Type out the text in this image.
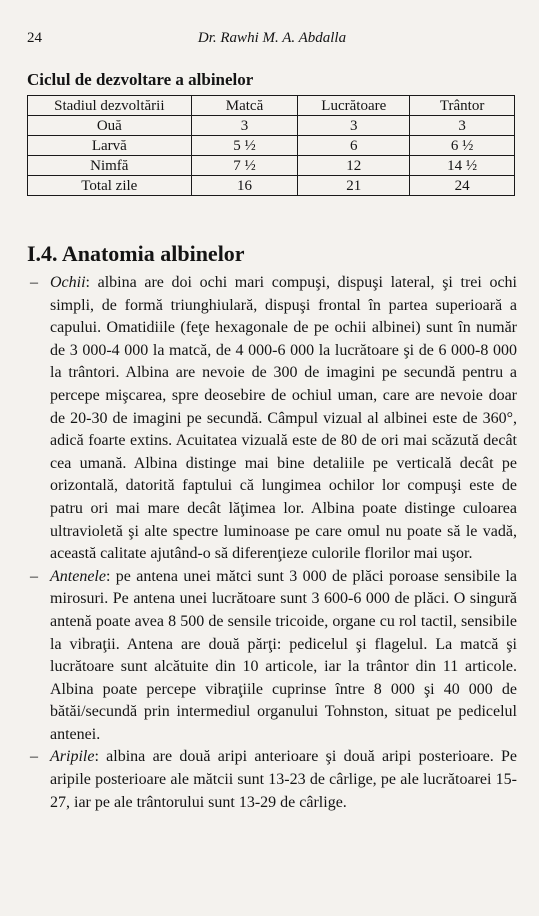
24	Dr. Rawhi M. A. Abdalla
Ciclul de dezvoltare a albinelor
Stadiul dezvoltării	Matcă	Lucrătoare	Trântor
Ouă	3	3	3
Larvă	5 ½	6	6 ½
Nimfă	7 ½	12	14 ½
Total zile	16	21	24
I.4. Anatomia albinelor

– Ochii: albina are doi ochi mari compuşi, dispuşi lateral, şi trei ochi simpli, de formă triunghiulară, dispuşi frontal în partea superioară a capului. Omatidiile (feţe hexagonale de pe ochii albinei) sunt în număr de 3 000-4 000 la matcă, de 4 000-6 000 la lucrătoare şi de 6 000-8 000 la trântori. Albina are nevoie de 300 de imagini pe secundă pentru a percepe mişcarea, spre deosebire de ochiul uman, care are nevoie doar de 20-30 de imagini pe secundă. Câmpul vizual al albinei este de 360°, adică foarte extins. Acuitatea vizuală este de 80 de ori mai scăzută decât cea umană. Albina distinge mai bine detaliile pe verticală decât pe orizontală, datorită faptului că lungimea ochilor lor compuşi este de patru ori mai mare decât lăţimea lor. Albina poate distinge culoarea ultravioletă şi alte spectre luminoase pe care omul nu poate să le vadă, această calitate ajutând-o să diferenţieze culorile florilor mai uşor.

– Antenele: pe antena unei mătci sunt 3 000 de plăci poroase sensibile la mirosuri. Pe antena unei lucrătoare sunt 3 600-6 000 de plăci. O singură antenă poate avea 8 500 de sensile tricoide, organe cu rol tactil, sensibile la vibraţii. Antena are două părţi: pedicelul şi flagelul. La matcă şi lucrătoare sunt alcătuite din 10 articole, iar la trântor din 11 articole. Albina poate percepe vibraţiile cuprinse între 8 000 şi 40 000 de bătăi/secundă prin intermediul organului Tohnston, situat pe pedicelul antenei.

– Aripile: albina are două aripi anterioare şi două aripi posterioare. Pe aripile posterioare ale mătcii sunt 13-23 de cârlige, pe ale lucrătoarei 15-27, iar pe ale trântorului sunt 13-29 de cârlige.
